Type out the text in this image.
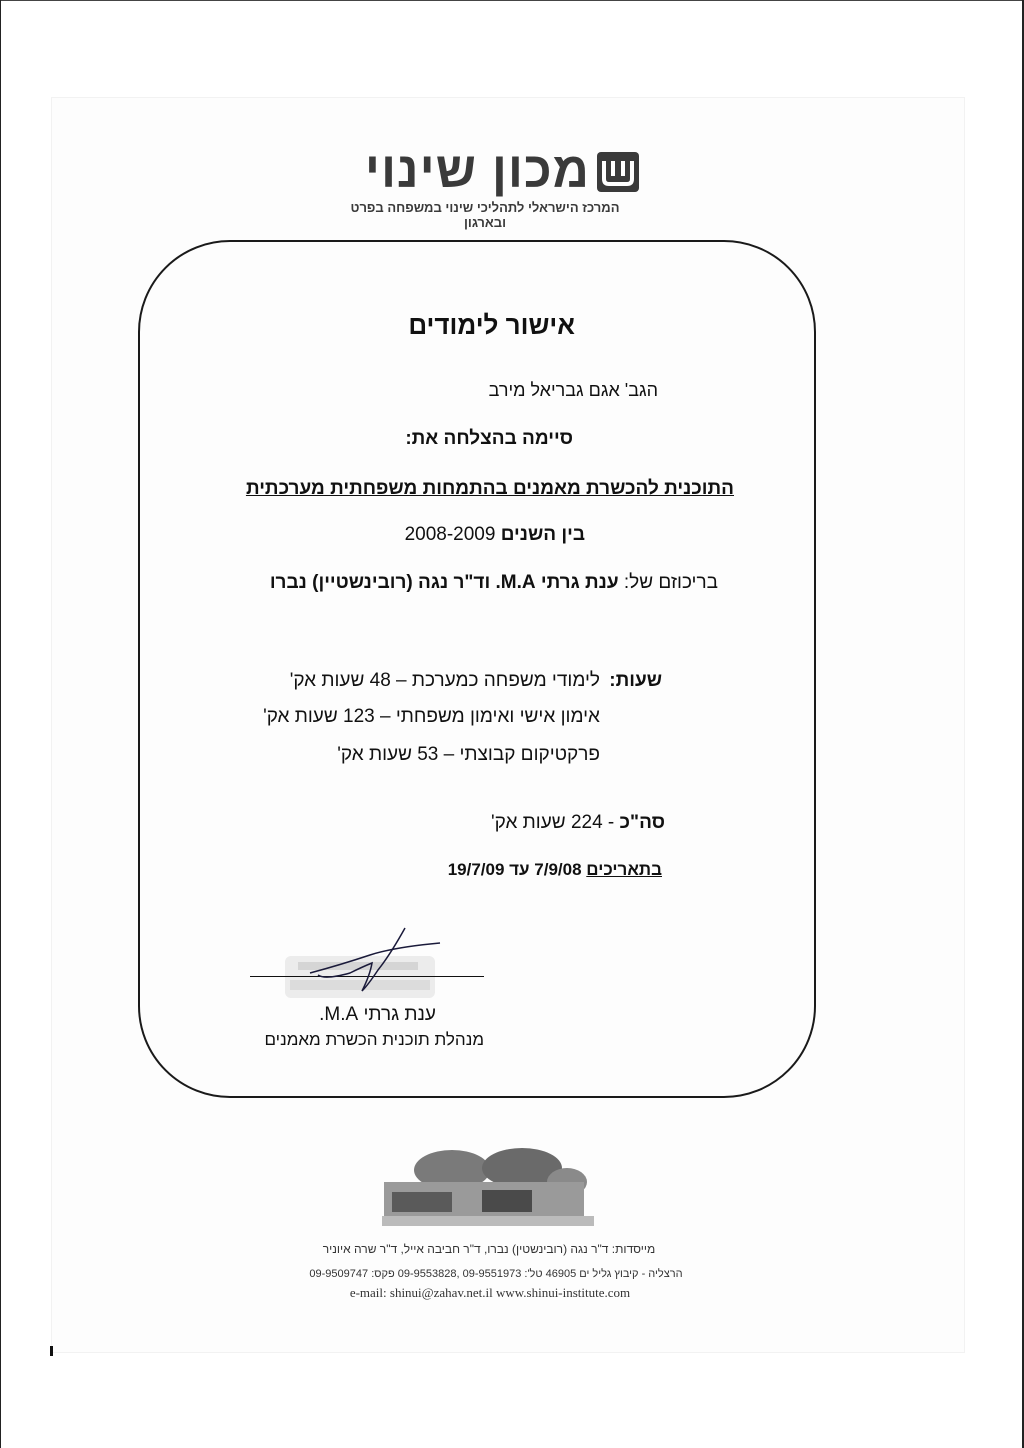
מכון שינוי
המרכז הישראלי לתהליכי שינוי במשפחה בפרט ובארגון
אישור לימודים
הגב' אגם גבריאל מירב
סיימה בהצלחה את:
התוכנית להכשרת מאמנים בהתמחות משפחתית מערכתית
בין השנים 2008-2009
בריכוזם של: ענת גרתי M.A. וד"ר נגה (רובינשטיין) נברו
שעות:
לימודי משפחה כמערכת – 48 שעות אק'
אימון אישי ואימון משפחתי – 123 שעות אק'
פרקטיקום קבוצתי – 53 שעות אק'
סה"כ - 224 שעות אק'
בתאריכים 7/9/08 עד 19/7/09
ענת גרתי M.A.
מנהלת תוכנית הכשרת מאמנים
מייסדות: ד"ר נגה (רובינשטין) נברו, ד"ר חביבה אייל, ד"ר שרה איוניר
הרצליה - קיבוץ גליל ים 46905 טל': 09-9551973 ,09-9553828 פקס: 09-9509747
e-mail: shinui@zahav.net.il www.shinui-institute.com
